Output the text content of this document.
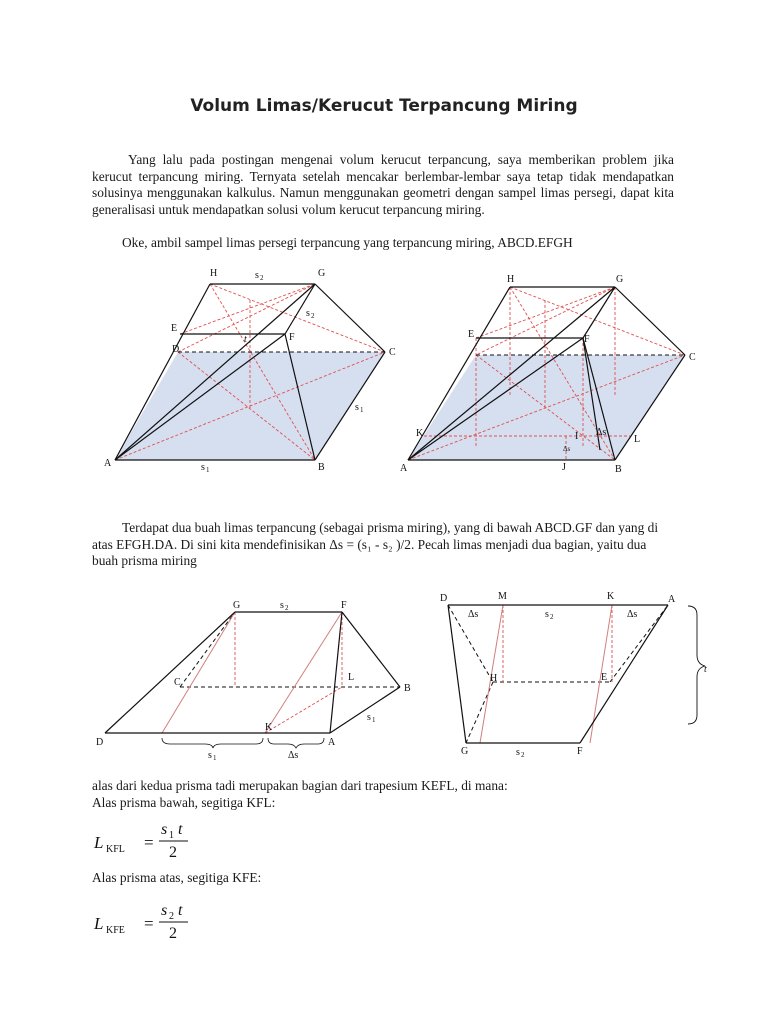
Volum Limas/Kerucut Terpancung Miring

Yang lalu pada postingan mengenai volum kerucut terpancung, saya memberikan problem jika kerucut terpancung miring. Ternyata setelah mencakar berlembar-lembar saya tetap tidak mendapatkan solusinya menggunakan kalkulus. Namun menggunakan geometri dengan sampel limas persegi, dapat kita generalisasi untuk mendapatkan solusi volum kerucut terpancung miring.

Oke, ambil sampel limas persegi terpancung yang terpancung miring, ABCD.EFGH

A	B
C
D
E
F
G
H
s 1
s 1
s 2
s 2
t
A	B
C
E	F
G
H
K
L
I
J
Δs
Δs

Terdapat dua buah limas terpancung (sebagai prisma miring), yang di bawah ABCD.GF dan yang di atas EFGH.DA. Di sini kita mendefinisikan Δs = (s₁ - s₂ )/2. Pecah limas menjadi dua bagian, yaitu dua buah prisma miring

D	A
B
C
F
G
K
L
s 2
s 1
s 1
Δs
D	M	K	A
H	E
G	F
s 2
s 2
Δs	Δs
t
alas dari kedua prisma tadi merupakan bagian dari trapesium KEFL, di mana:
Alas prisma bawah, segitiga KFL:
L KFL =
s 1 t
2

Alas prisma atas, segitiga KFE:

L KFE =
s 2 t
2
